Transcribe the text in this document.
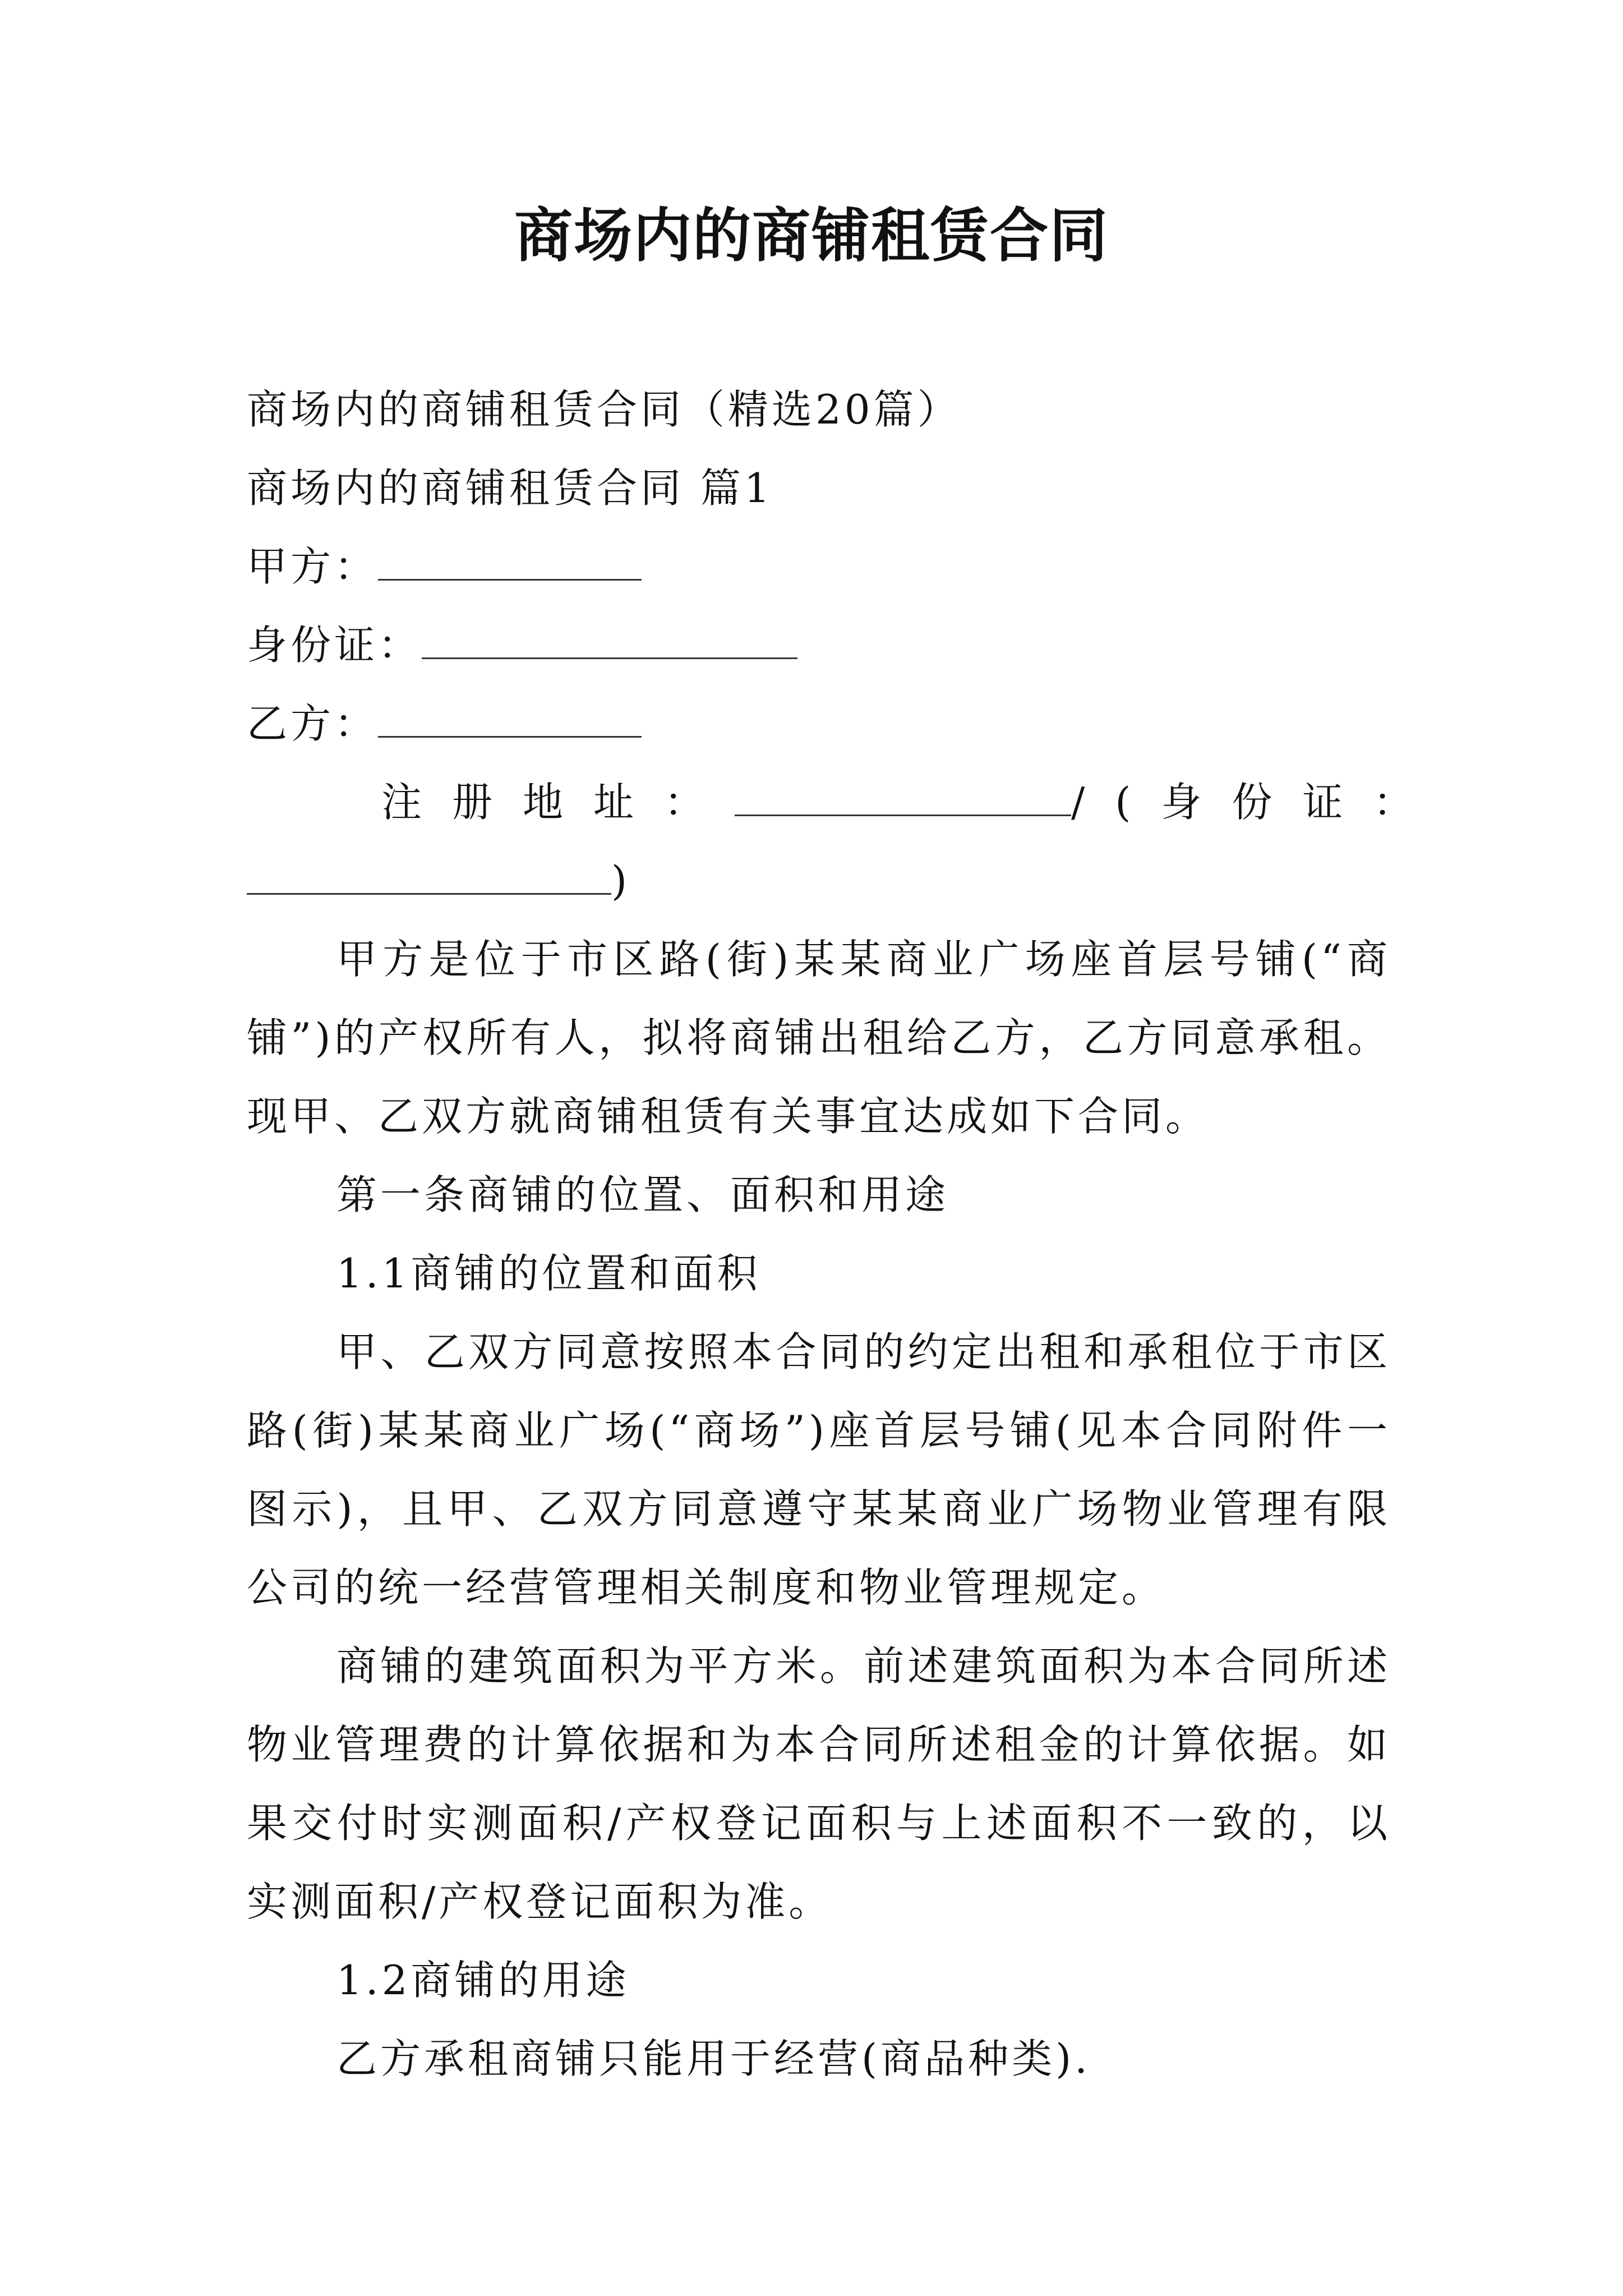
商场内的商铺租赁合同
商场内的商铺租赁合同（精选20篇）
商场内的商铺租赁合同 篇1
甲方：
身份证：
乙方：
注册地址：	/(身份证：
)

甲方是位于市区路(街)某某商业广场座首层号铺(“商铺”)的产权所有人，拟将商铺出租给乙方，乙方同意承租。现甲、乙双方就商铺租赁有关事宜达成如下合同。

第一条商铺的位置、面积和用途
1.1商铺的位置和面积

甲、乙双方同意按照本合同的约定出租和承租位于市区路(街)某某商业广场(“商场”)座首层号铺(见本合同附件一图示)，且甲、乙双方同意遵守某某商业广场物业管理有限公司的统一经营管理相关制度和物业管理规定。

商铺的建筑面积为平方米。前述建筑面积为本合同所述物业管理费的计算依据和为本合同所述租金的计算依据。如果交付时实测面积/产权登记面积与上述面积不一致的，以实测面积/产权登记面积为准。

1.2商铺的用途
乙方承租商铺只能用于经营(商品种类).
